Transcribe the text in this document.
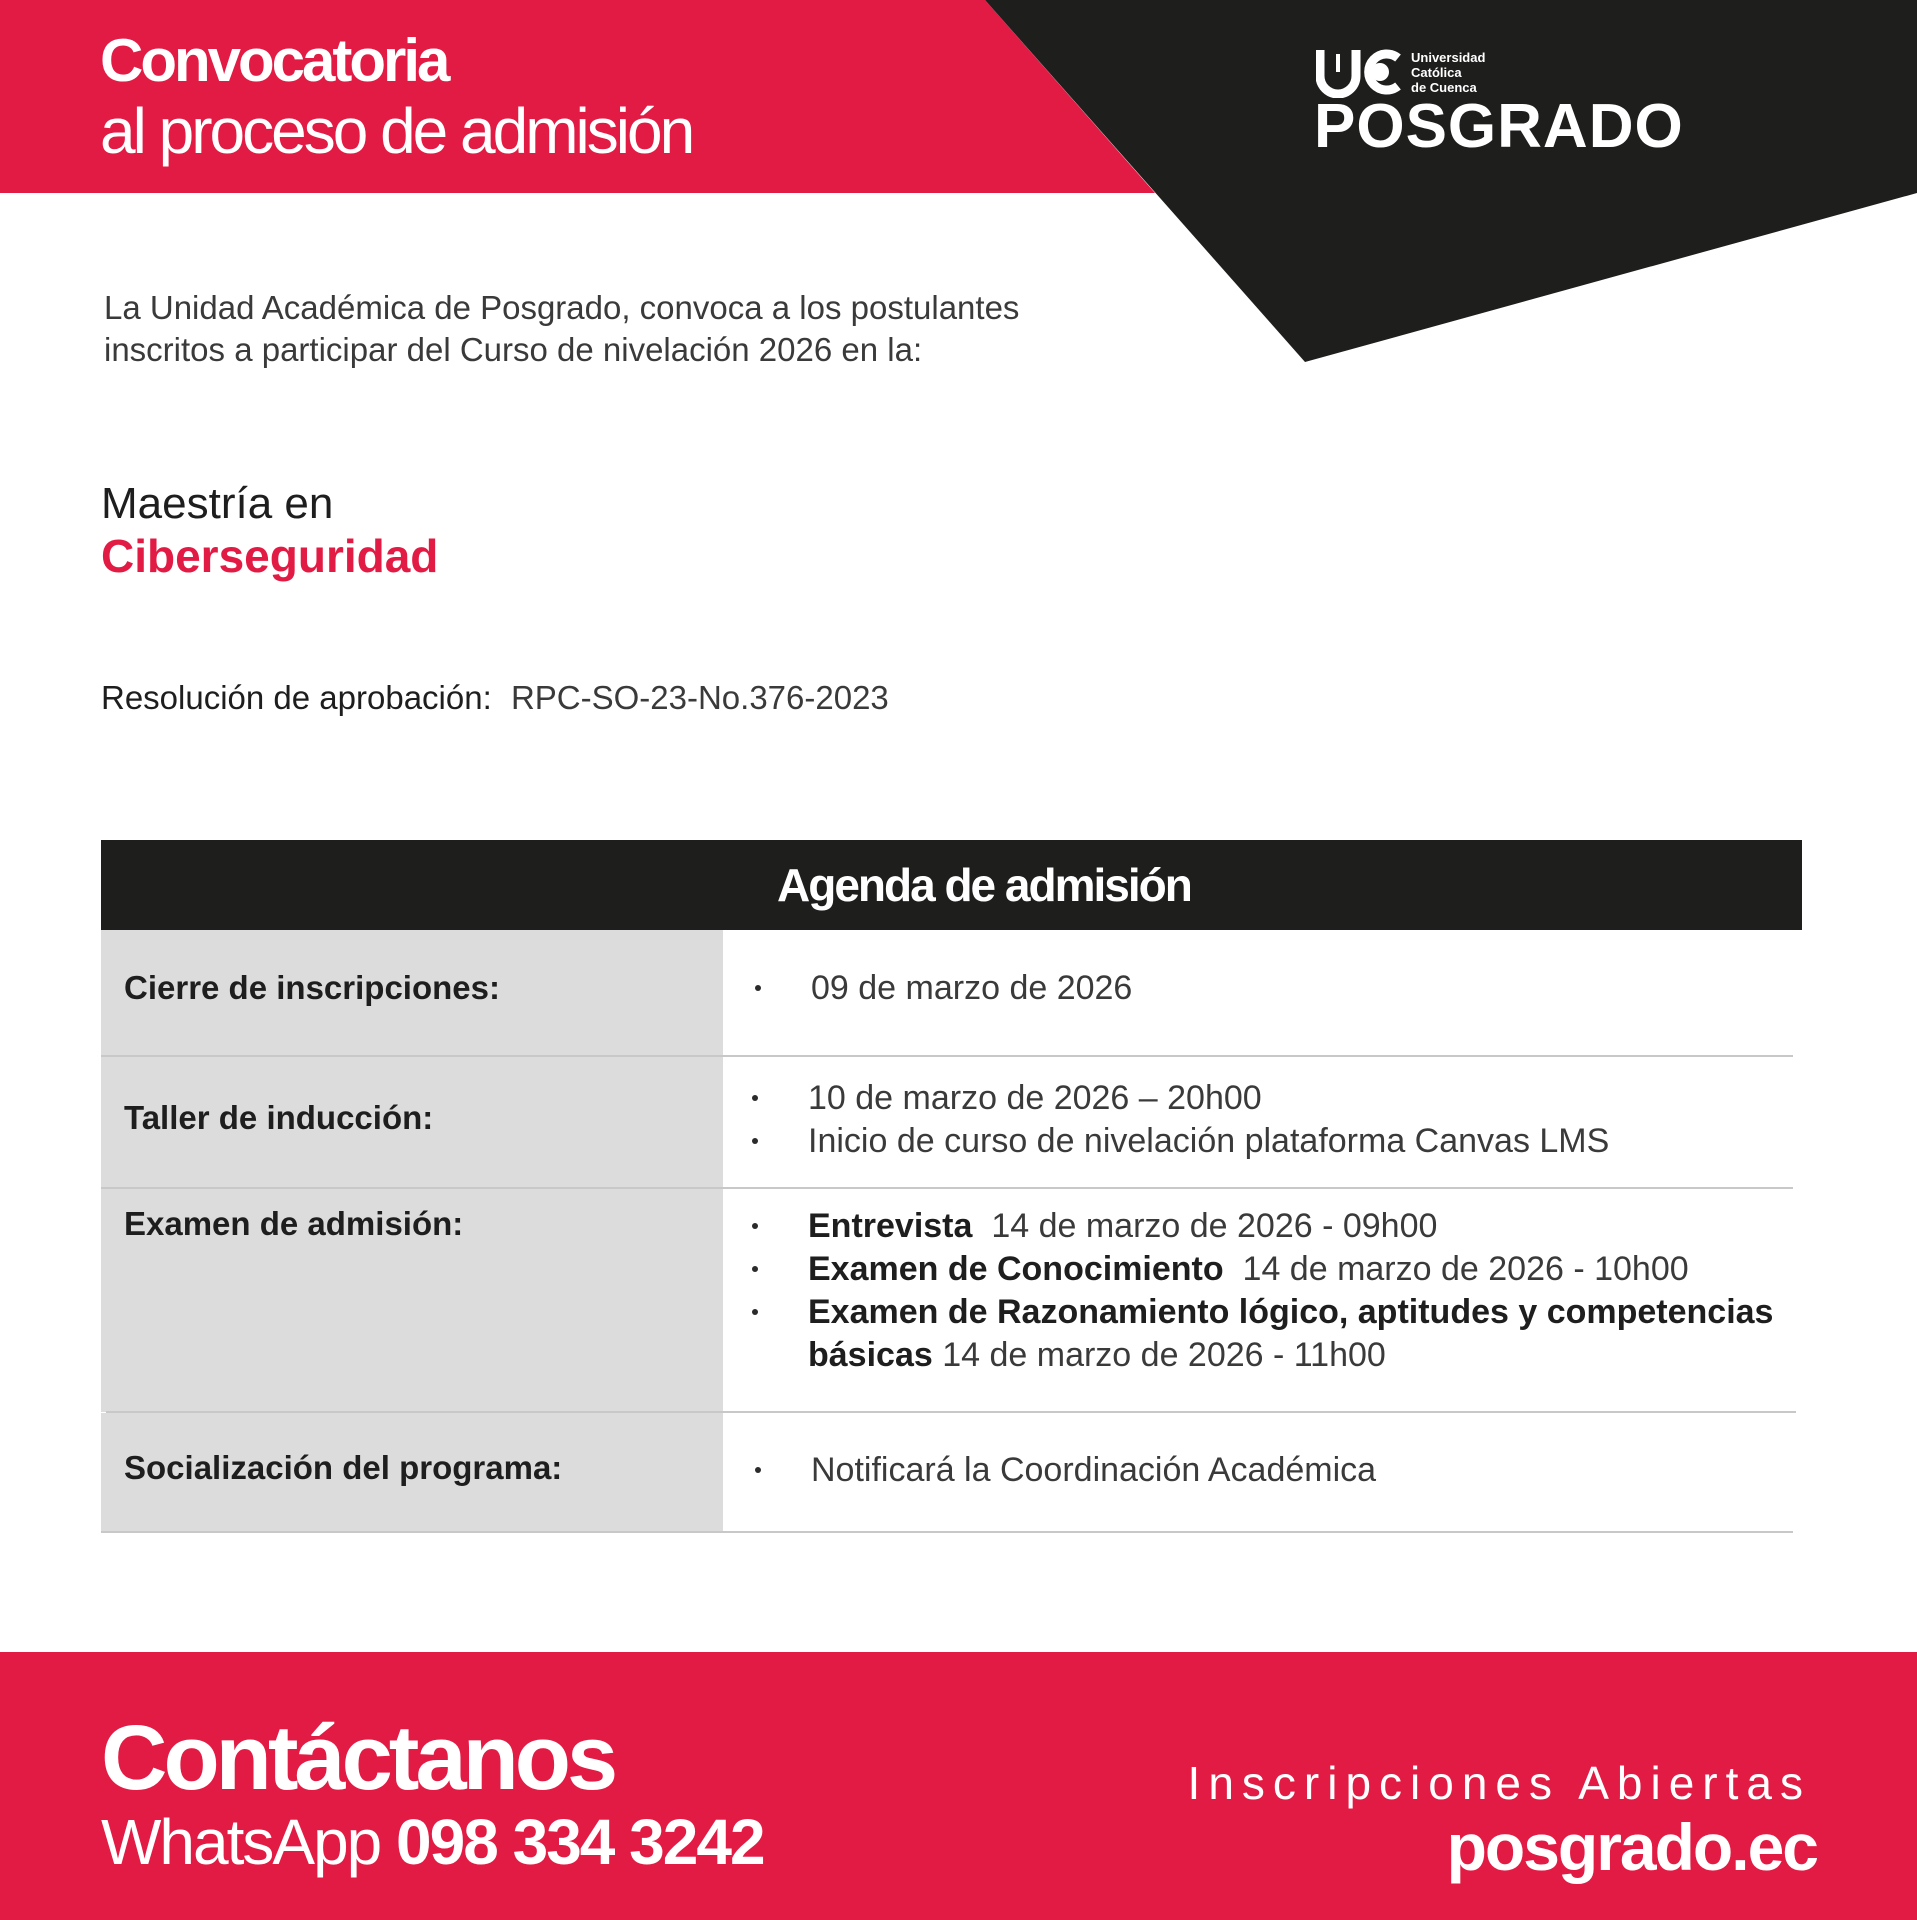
Convocatoria
al proceso de admisión
Universidad
Católica
de Cuenca
POSGRADO
La Unidad Académica de Posgrado, convoca a los postulantes
inscritos a participar del Curso de nivelación 2026 en la:
Maestría en
Ciberseguridad
Resolución de aprobación: RPC-SO-23-No.376-2023
Agenda de admisión
Cierre de inscripciones:	09 de marzo de 2026
Taller de inducción:
10 de marzo de 2026 – 20h00
Inicio de curso de nivelación plataforma Canvas LMS
Examen de admisión:	Entrevista 14 de marzo de 2026 - 09h00
Examen de Conocimiento 14 de marzo de 2026 - 10h00
Examen de Razonamiento lógico, aptitudes y competencias
básicas 14 de marzo de 2026 - 11h00
Socialización del programa:	Notificará la Coordinación Académica
Contáctanos
WhatsApp 098 334 3242
Inscripciones Abiertas
posgrado.ec
